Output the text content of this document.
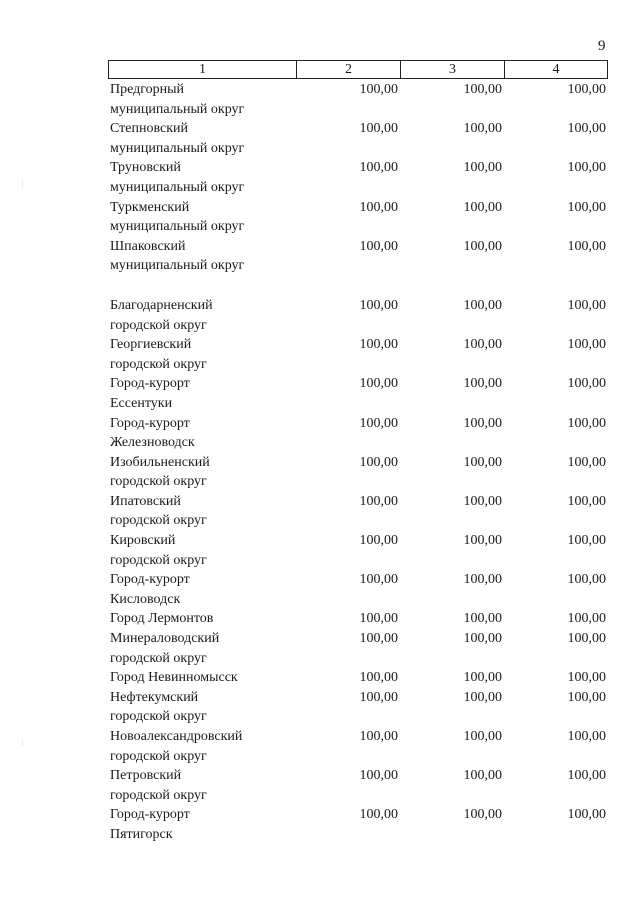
9
1	2	3	4
Предгорный
муниципальный округ
100,00	100,00	100,00
Степновский
муниципальный округ
100,00	100,00	100,00
Труновский
муниципальный округ
100,00	100,00	100,00
Туркменский
муниципальный округ
100,00	100,00	100,00
Шпаковский
муниципальный округ
100,00	100,00	100,00
Благодарненский
городской округ
100,00	100,00	100,00
Георгиевский
городской округ
100,00	100,00	100,00
Город-курорт
Ессентуки
100,00	100,00	100,00
Город-курорт
Железноводск
100,00	100,00	100,00
Изобильненский
городской округ
100,00	100,00	100,00
Ипатовский
городской округ
100,00	100,00	100,00
Кировский
городской округ
100,00	100,00	100,00
Город-курорт
Кисловодск
100,00	100,00	100,00
Город Лермонтов	100,00	100,00	100,00
Минераловодский
городской округ
100,00	100,00	100,00
Город Невинномысск	100,00	100,00	100,00
Нефтекумский
городской округ
100,00	100,00	100,00
Новоалександровский
городской округ
100,00	100,00	100,00
Петровский
городской округ
100,00	100,00	100,00
Город-курорт
Пятигорск
100,00	100,00	100,00
